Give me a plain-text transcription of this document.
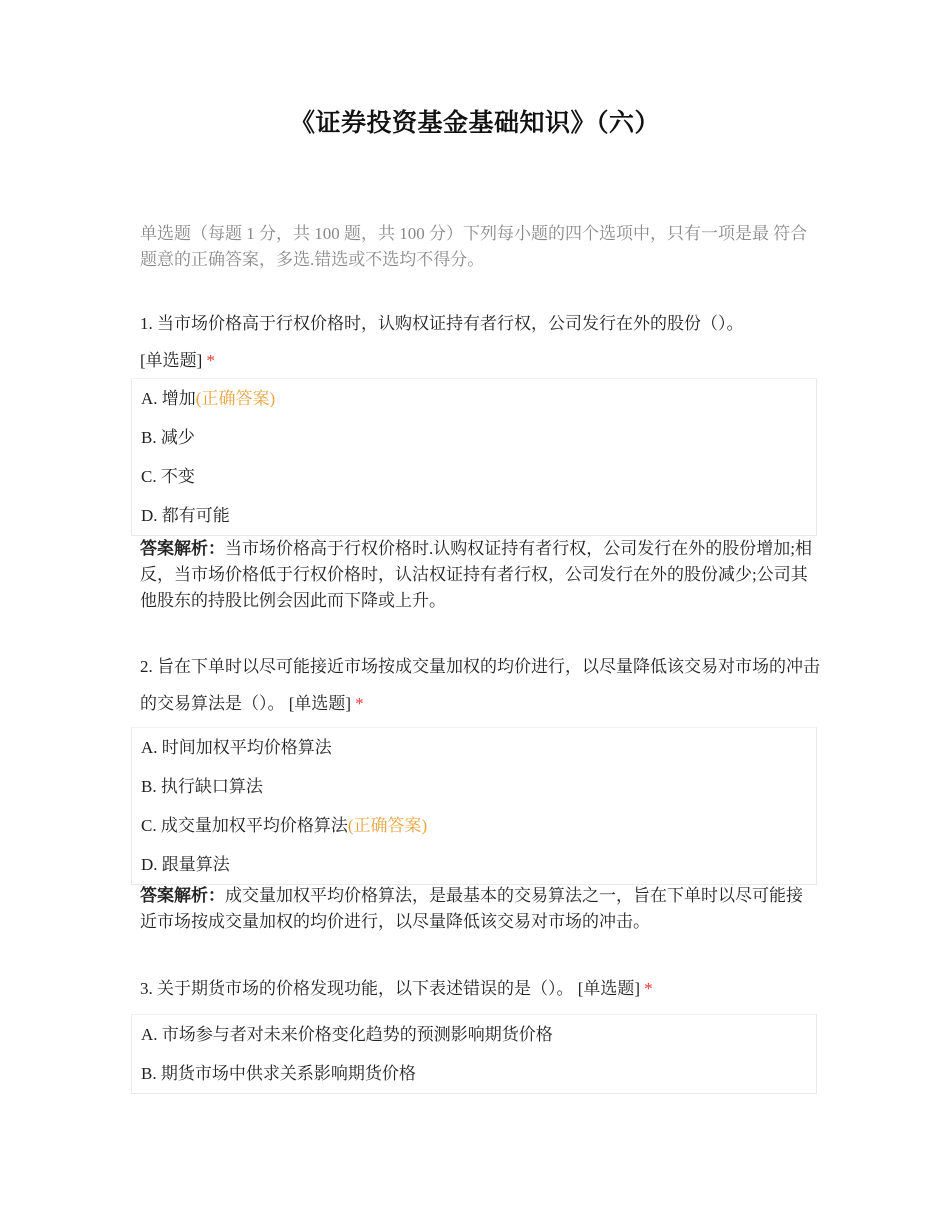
《证券投资基金基础知识》（六）
单选题（每题 1 分，共 100 题，共 100 分）下列每小题的四个选项中，只有一项是最 符合题意的正确答案，多选.错选或不选均不得分。
1. 当市场价格高于行权价格时，认购权证持有者行权，公司发行在外的股份（）。
[单选题] *
A. 增加(正确答案)
B. 减少
C. 不变
D. 都有可能
答案解析：当市场价格高于行权价格时.认购权证持有者行权，公司发行在外的股份增加;相反，当市场价格低于行权价格时，认沽权证持有者行权，公司发行在外的股份减少;公司其他股东的持股比例会因此而下降或上升。
2. 旨在下单时以尽可能接近市场按成交量加权的均价进行，以尽量降低该交易对市场的冲击的交易算法是（）。 [单选题] *
A. 时间加权平均价格算法
B. 执行缺口算法
C. 成交量加权平均价格算法(正确答案)
D. 跟量算法
答案解析：成交量加权平均价格算法，是最基本的交易算法之一，旨在下单时以尽可能接近市场按成交量加权的均价进行，以尽量降低该交易对市场的冲击。
3. 关于期货市场的价格发现功能，以下表述错误的是（）。 [单选题] *
A. 市场参与者对未来价格变化趋势的预测影响期货价格
B. 期货市场中供求关系影响期货价格
